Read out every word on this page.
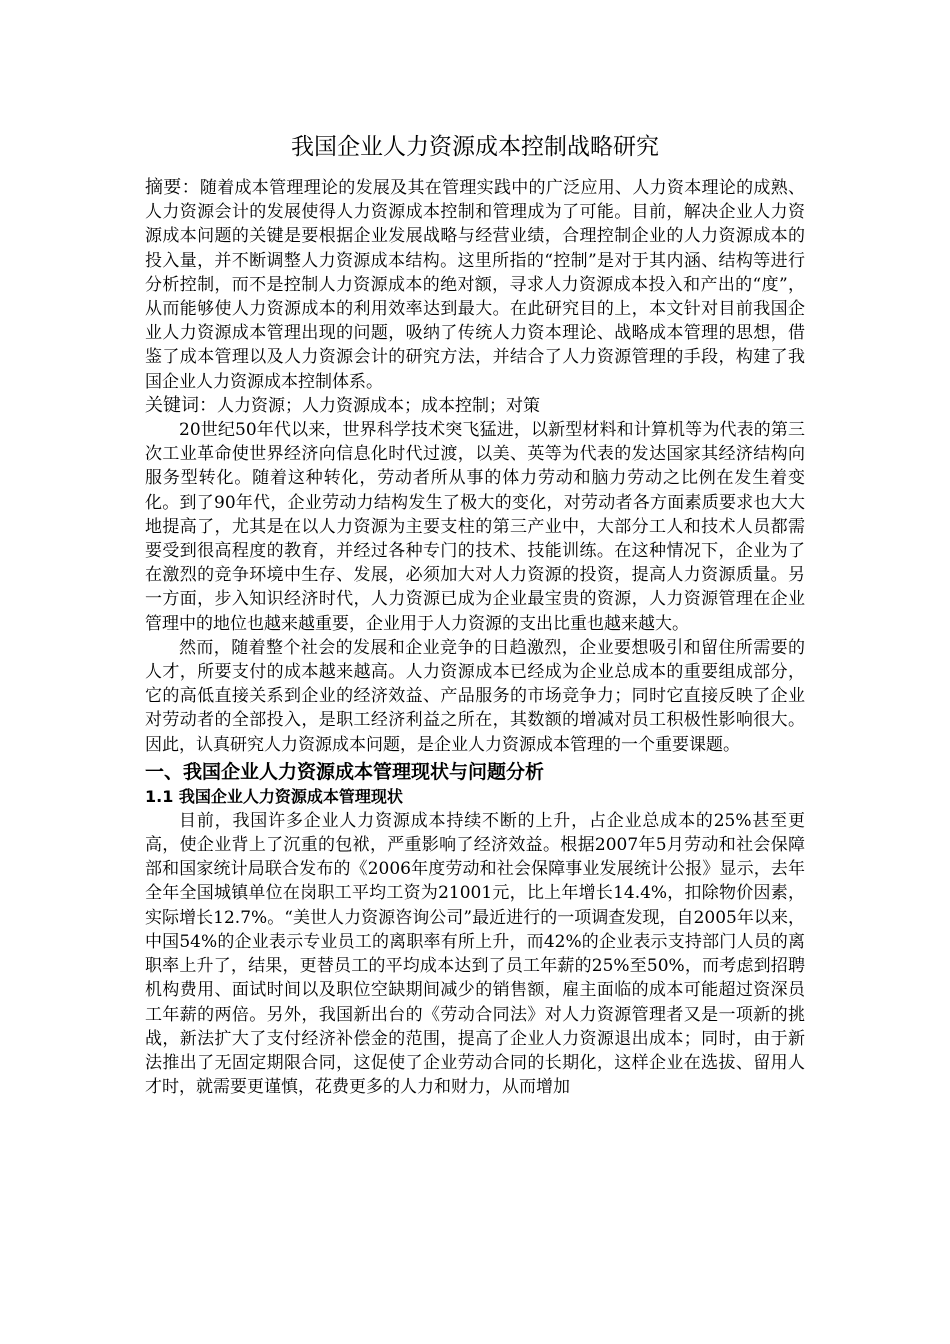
我国企业人力资源成本控制战略研究

摘要：随着成本管理理论的发展及其在管理实践中的广泛应用、人力资本理论的成熟、人力资源会计的发展使得人力资源成本控制和管理成为了可能。目前，解决企业人力资源成本问题的关键是要根据企业发展战略与经营业绩，合理控制企业的人力资源成本的投入量，并不断调整人力资源成本结构。这里所指的“控制”是对于其内涵、结构等进行分析控制，而不是控制人力资源成本的绝对额，寻求人力资源成本投入和产出的“度”，从而能够使人力资源成本的利用效率达到最大。在此研究目的上，本文针对目前我国企业人力资源成本管理出现的问题，吸纳了传统人力资本理论、战略成本管理的思想，借鉴了成本管理以及人力资源会计的研究方法，并结合了人力资源管理的手段，构建了我国企业人力资源成本控制体系。

关键词：人力资源；人力资源成本；成本控制；对策

20世纪50年代以来，世界科学技术突飞猛进，以新型材料和计算机等为代表的第三次工业革命使世界经济向信息化时代过渡，以美、英等为代表的发达国家其经济结构向服务型转化。随着这种转化，劳动者所从事的体力劳动和脑力劳动之比例在发生着变化。到了90年代，企业劳动力结构发生了极大的变化，对劳动者各方面素质要求也大大地提高了，尤其是在以人力资源为主要支柱的第三产业中，大部分工人和技术人员都需要受到很高程度的教育，并经过各种专门的技术、技能训练。在这种情况下，企业为了在激烈的竞争环境中生存、发展，必须加大对人力资源的投资，提高人力资源质量。另一方面，步入知识经济时代，人力资源已成为企业最宝贵的资源，人力资源管理在企业管理中的地位也越来越重要，企业用于人力资源的支出比重也越来越大。

然而，随着整个社会的发展和企业竞争的日趋激烈，企业要想吸引和留住所需要的人才，所要支付的成本越来越高。人力资源成本已经成为企业总成本的重要组成部分，它的高低直接关系到企业的经济效益、产品服务的市场竞争力；同时它直接反映了企业对劳动者的全部投入，是职工经济利益之所在，其数额的增减对员工积极性影响很大。因此，认真研究人力资源成本问题，是企业人力资源成本管理的一个重要课题。

一、我国企业人力资源成本管理现状与问题分析
1.1 我国企业人力资源成本管理现状

目前，我国许多企业人力资源成本持续不断的上升，占企业总成本的25%甚至更高，使企业背上了沉重的包袱，严重影响了经济效益。根据2007年5月劳动和社会保障部和国家统计局联合发布的《2006年度劳动和社会保障事业发展统计公报》显示，去年全年全国城镇单位在岗职工平均工资为21001元，比上年增长14.4%，扣除物价因素，实际增长12.7%。“美世人力资源咨询公司”最近进行的一项调查发现，自2005年以来，中国54%的企业表示专业员工的离职率有所上升，而42%的企业表示支持部门人员的离职率上升了，结果，更替员工的平均成本达到了员工年薪的25%至50%，而考虑到招聘机构费用、面试时间以及职位空缺期间减少的销售额，雇主面临的成本可能超过资深员工年薪的两倍。另外，我国新出台的《劳动合同法》对人力资源管理者又是一项新的挑战，新法扩大了支付经济补偿金的范围，提高了企业人力资源退出成本；同时，由于新法推出了无固定期限合同，这促使了企业劳动合同的长期化，这样企业在选拔、留用人才时，就需要更谨慎，花费更多的人力和财力，从而增加
